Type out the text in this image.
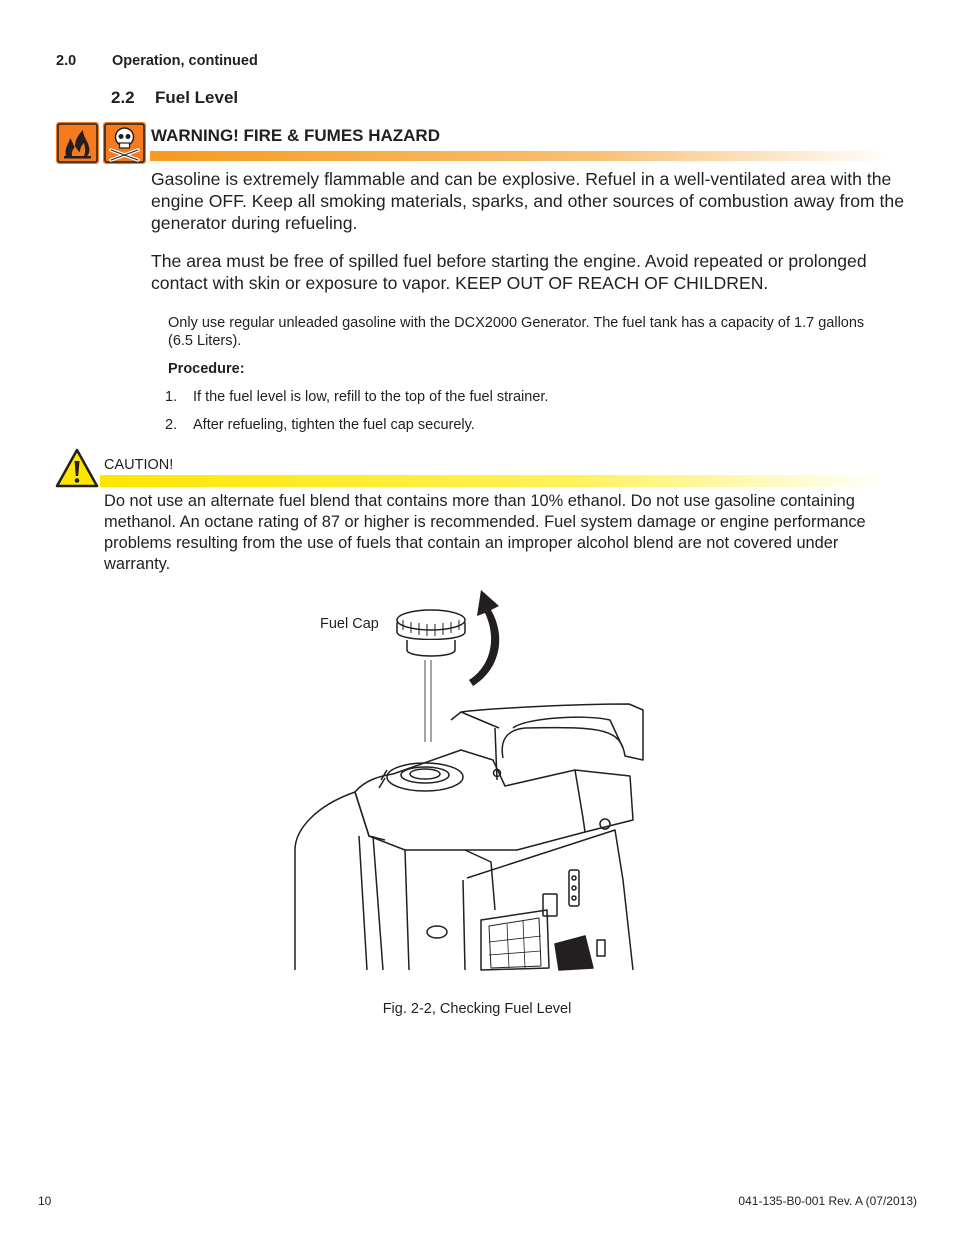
2.0 Operation, continued
2.2 Fuel Level
WARNING! FIRE & FUMES HAZARD

Gasoline is extremely flammable and can be explosive. Refuel in a well-ventilated area with the engine OFF. Keep all smoking materials, sparks, and other sources of combustion away from the generator during refueling.

The area must be free of spilled fuel before starting the engine. Avoid repeated or prolonged contact with skin or exposure to vapor. KEEP OUT OF REACH OF CHILDREN.

Only use regular unleaded gasoline with the DCX2000 Generator. The fuel tank has a capacity of 1.7 gallons (6.5 Liters).

Procedure:
1. If the fuel level is low, refill to the top of the fuel strainer.
2. After refueling, tighten the fuel cap securely.
CAUTION!

Do not use an alternate fuel blend that contains more than 10% ethanol. Do not use gasoline containing methanol. An octane rating of 87 or higher is recommended. Fuel system damage or engine performance problems resulting from the use of fuels that contain an improper alcohol blend are not covered under warranty.

Fuel Cap
Fig. 2-2, Checking Fuel Level
10	041-135-B0-001 Rev. A (07/2013)
